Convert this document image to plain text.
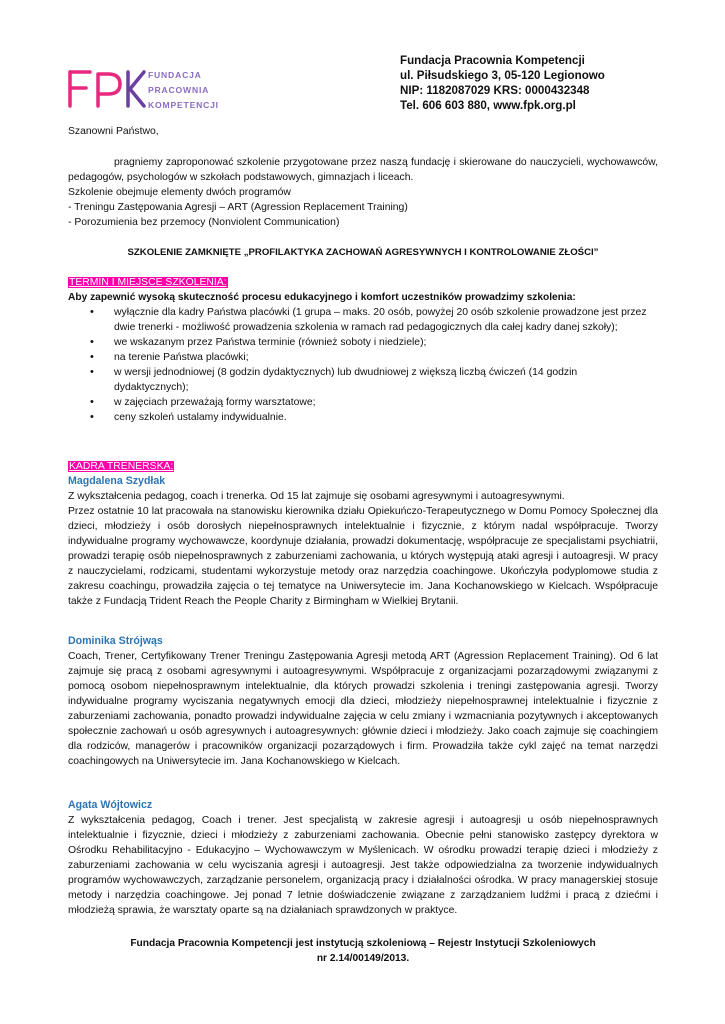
FUNDACJA
PRACOWNIA
KOMPETENCJI
Fundacja Pracownia Kompetencji
ul. Piłsudskiego 3, 05-120 Legionowo
NIP: 1182087029 KRS: 0000432348
Tel. 606 603 880, www.fpk.org.pl
Szanowni Państwo,
pragniemy zaproponować szkolenie przygotowane przez naszą fundację i skierowane do nauczycieli, wychowawców, pedagogów, psychologów w szkołach podstawowych, gimnazjach i liceach.
Szkolenie obejmuje elementy dwóch programów
- Treningu Zastępowania Agresji – ART (Agression Replacement Training)
- Porozumienia bez przemocy (Nonviolent Communication)
SZKOLENIE ZAMKNIĘTE „PROFILAKTYKA ZACHOWAŃ AGRESYWNYCH I KONTROLOWANIE ZŁOŚCI”
TERMIN I MIEJSCE SZKOLENIA:
Aby zapewnić wysoką skuteczność procesu edukacyjnego i komfort uczestników prowadzimy szkolenia:
• wyłącznie dla kadry Państwa placówki (1 grupa – maks. 20 osób, powyżej 20 osób szkolenie prowadzone jest przez dwie trenerki - możliwość prowadzenia szkolenia w ramach rad pedagogicznych dla całej kadry danej szkoły);
• we wskazanym przez Państwa terminie (również soboty i niedziele);
• na terenie Państwa placówki;
• w wersji jednodniowej (8 godzin dydaktycznych) lub dwudniowej z większą liczbą ćwiczeń (14 godzin dydaktycznych);
• w zajęciach przeważają formy warsztatowe;
• ceny szkoleń ustalamy indywidualnie.
KADRA TRENERSKA:
Magdalena Szydłak
Z wykształcenia pedagog, coach i trenerka. Od 15 lat zajmuje się osobami agresywnymi i autoagresywnymi.
Przez ostatnie 10 lat pracowała na stanowisku kierownika działu Opiekuńczo-Terapeutycznego w Domu Pomocy Społecznej dla dzieci, młodzieży i osób dorosłych niepełnosprawnych intelektualnie i fizycznie, z którym nadal współpracuje. Tworzy indywidualne programy wychowawcze, koordynuje działania, prowadzi dokumentację, współpracuje ze specjalistami psychiatrii, prowadzi terapię osób niepełnosprawnych z zaburzeniami zachowania, u których występują ataki agresji i autoagresji. W pracy z nauczycielami, rodzicami, studentami wykorzystuje metody oraz narzędzia coachingowe. Ukończyła podyplomowe studia z zakresu coachingu, prowadziła zajęcia o tej tematyce na Uniwersytecie im. Jana Kochanowskiego w Kielcach. Współpracuje także z Fundacją Trident Reach the People Charity z Birmingham w Wielkiej Brytanii.
Dominika Strójwąs
Coach, Trener, Certyfikowany Trener Treningu Zastępowania Agresji metodą ART (Agression Replacement Training). Od 6 lat zajmuje się pracą z osobami agresywnymi i autoagresywnymi. Współpracuje z organizacjami pozarządowymi związanymi z pomocą osobom niepełnosprawnym intelektualnie, dla których prowadzi szkolenia i treningi zastępowania agresji. Tworzy indywidualne programy wyciszania negatywnych emocji dla dzieci, młodzieży niepełnosprawnej intelektualnie i fizycznie z zaburzeniami zachowania, ponadto prowadzi indywidualne zajęcia w celu zmiany i wzmacniania pozytywnych i akceptowanych społecznie zachowań u osób agresywnych i autoagresywnych: głównie dzieci i młodzieży. Jako coach zajmuje się coachingiem dla rodziców, managerów i pracowników organizacji pozarządowych i firm. Prowadziła także cykl zajęć na temat narzędzi coachingowych na Uniwersytecie im. Jana Kochanowskiego w Kielcach.
Agata Wójtowicz
Z wykształcenia pedagog, Coach i trener. Jest specjalistą w zakresie agresji i autoagresji u osób niepełnosprawnych intelektualnie i fizycznie, dzieci i młodzieży z zaburzeniami zachowania. Obecnie pełni stanowisko zastępcy dyrektora w Ośrodku Rehabilitacyjno - Edukacyjno – Wychowawczym w Myślenicach. W ośrodku prowadzi terapię dzieci i młodzieży z zaburzeniami zachowania w celu wyciszania agresji i autoagresji. Jest także odpowiedzialna za tworzenie indywidualnych programów wychowawczych, zarządzanie personelem, organizacją pracy i działalności ośrodka. W pracy managerskiej stosuje metody i narzędzia coachingowe. Jej ponad 7 letnie doświadczenie związane z zarządzaniem ludźmi i pracą z dziećmi i młodzieżą sprawia, że warsztaty oparte są na działaniach sprawdzonych w praktyce.
Fundacja Pracownia Kompetencji jest instytucją szkoleniową – Rejestr Instytucji Szkoleniowych
nr 2.14/00149/2013.
